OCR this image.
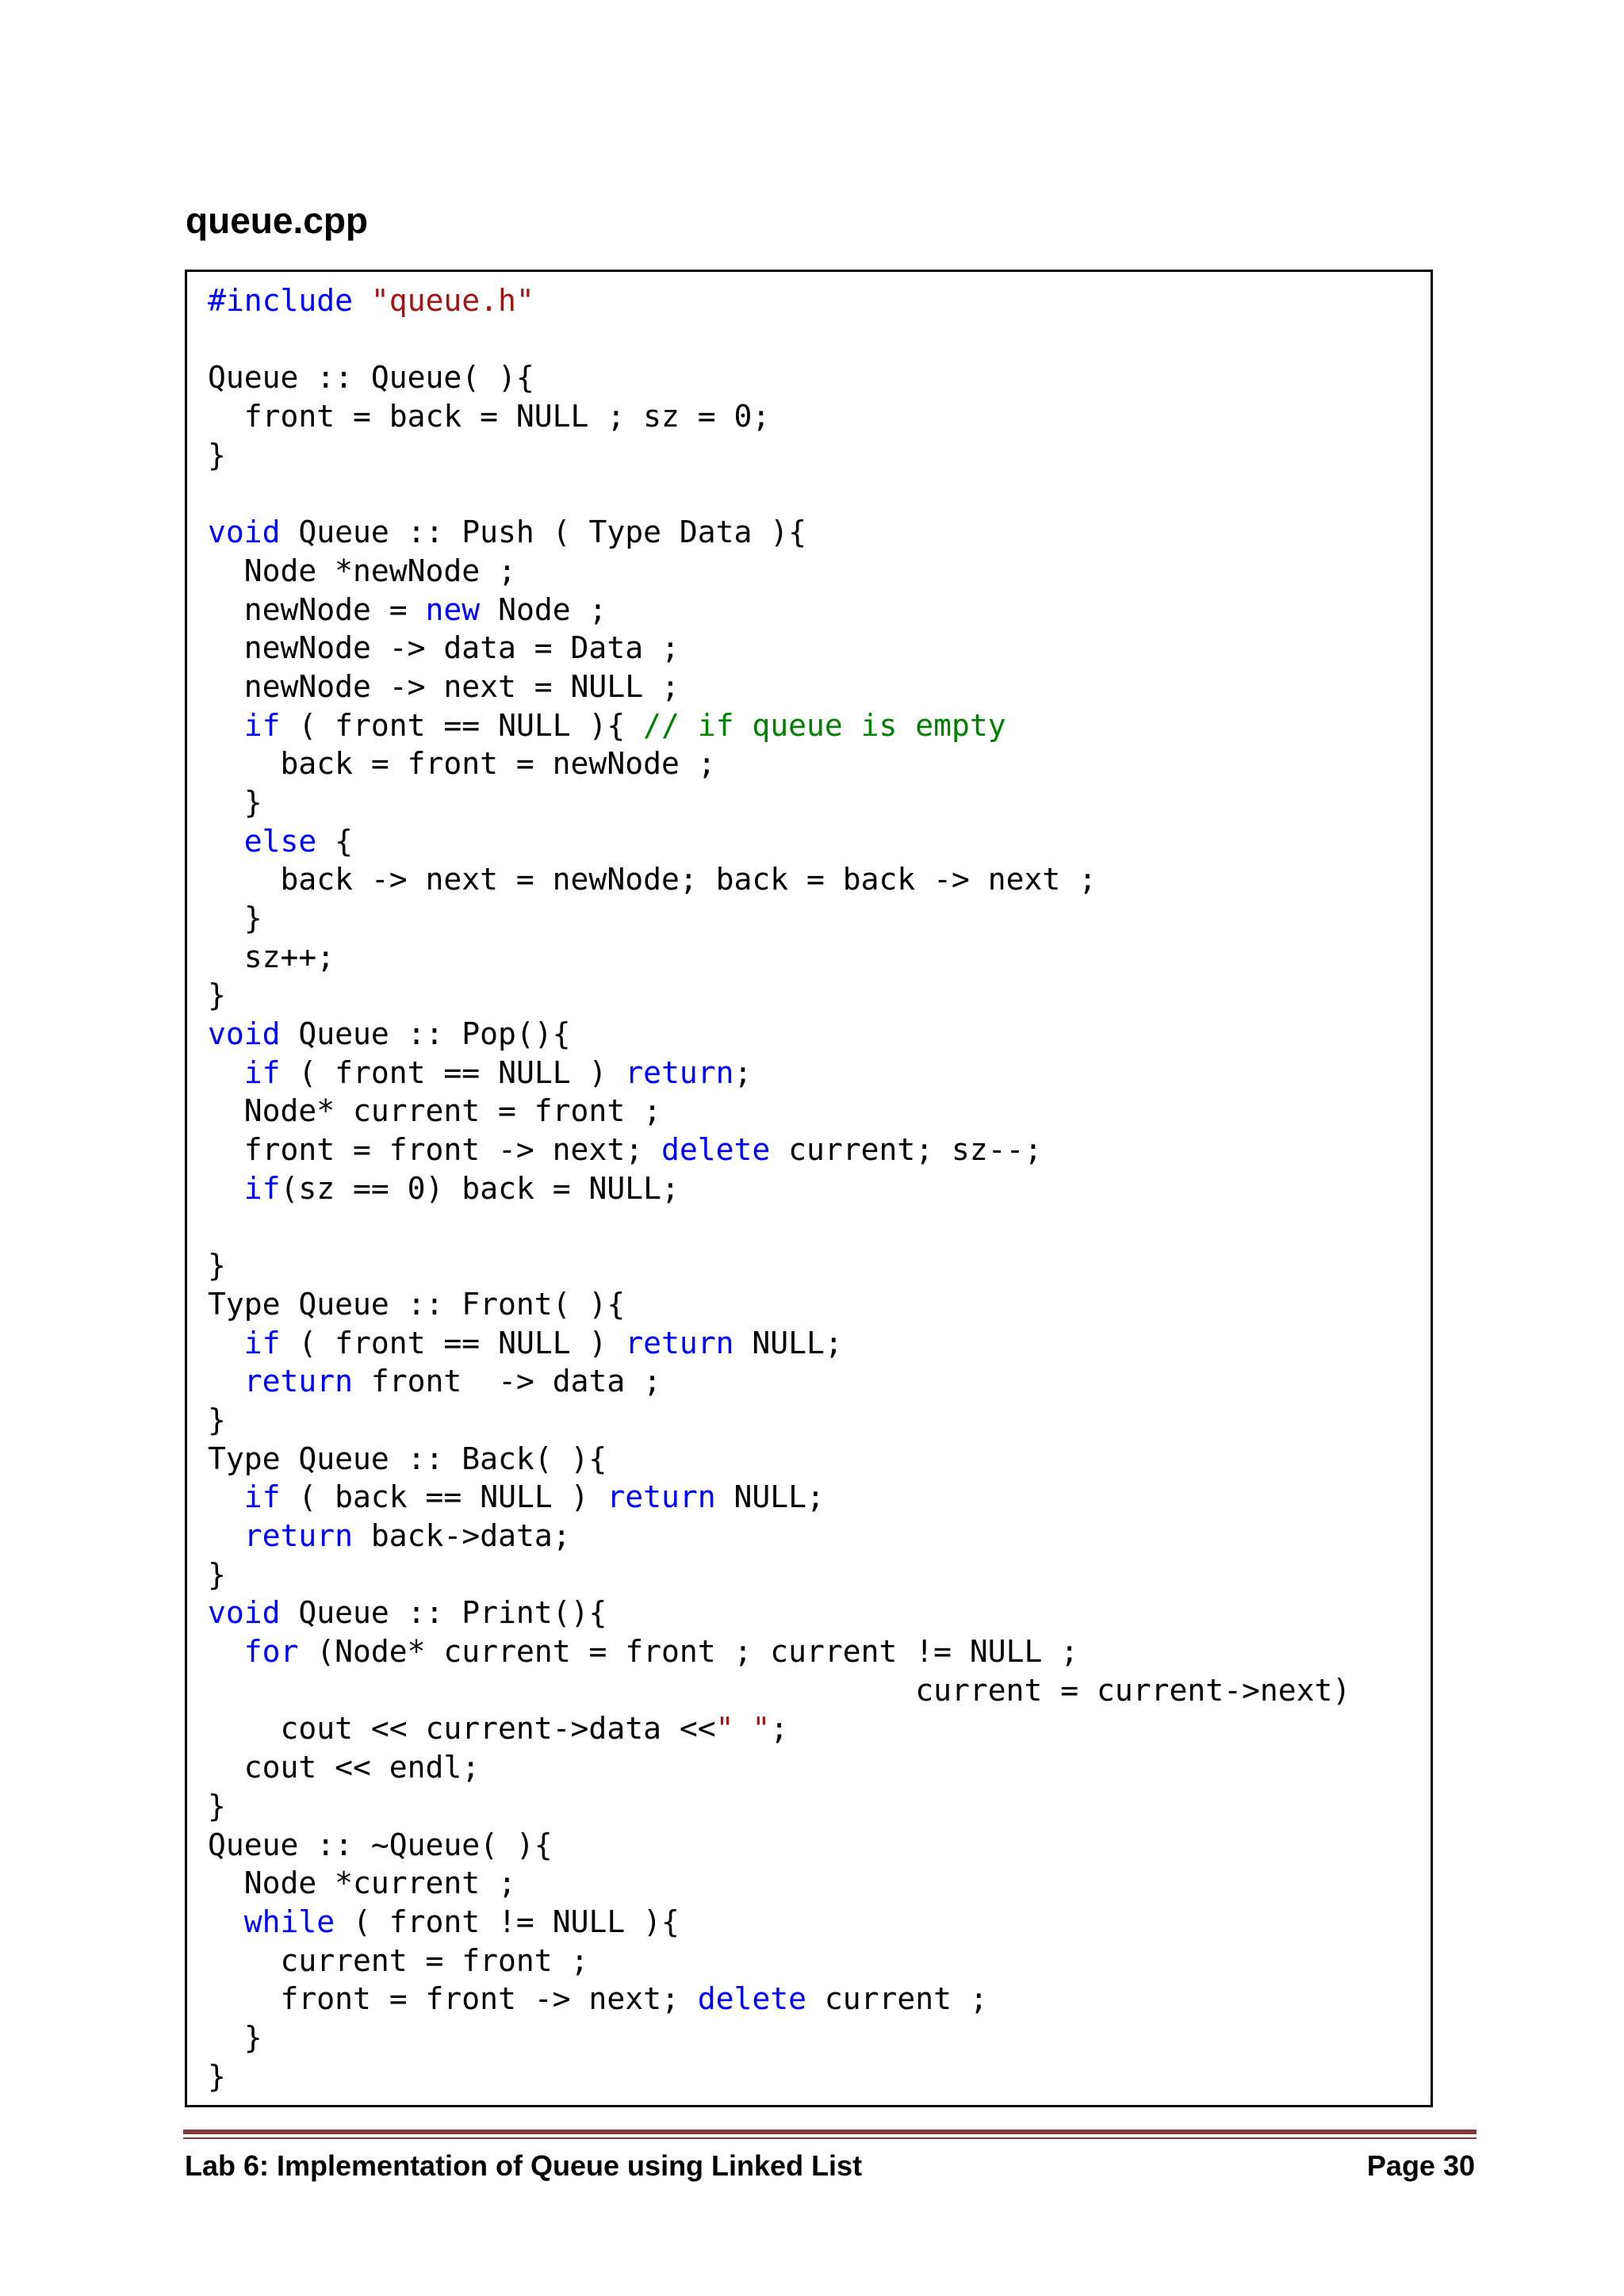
queue.cpp
#include "queue.h"

Queue :: Queue( ){
front = back = NULL ; sz = 0;
}

void Queue :: Push ( Type Data ){
Node *newNode ;
newNode = new Node ;
newNode -> data = Data ;
newNode -> next = NULL ;
if ( front == NULL ){ // if queue is empty
back = front = newNode ;
}
else {
back -> next = newNode; back = back -> next ;
}
sz++;
}
void Queue :: Pop(){
if ( front == NULL ) return;
Node* current = front ;
front = front -> next; delete current; sz--;
if(sz == 0) back = NULL;

}
Type Queue :: Front( ){
if ( front == NULL ) return NULL;
return front  -> data ;
}
Type Queue :: Back( ){
if ( back == NULL ) return NULL;
return back->data;
}
void Queue :: Print(){
for (Node* current = front ; current != NULL ;
current = current->next)
cout << current->data <<" ";
cout << endl;
}
Queue :: ~Queue( ){
Node *current ;
while ( front != NULL ){
current = front ;
front = front -> next; delete current ;
}
}
Lab 6: Implementation of Queue using Linked List	Page 30
